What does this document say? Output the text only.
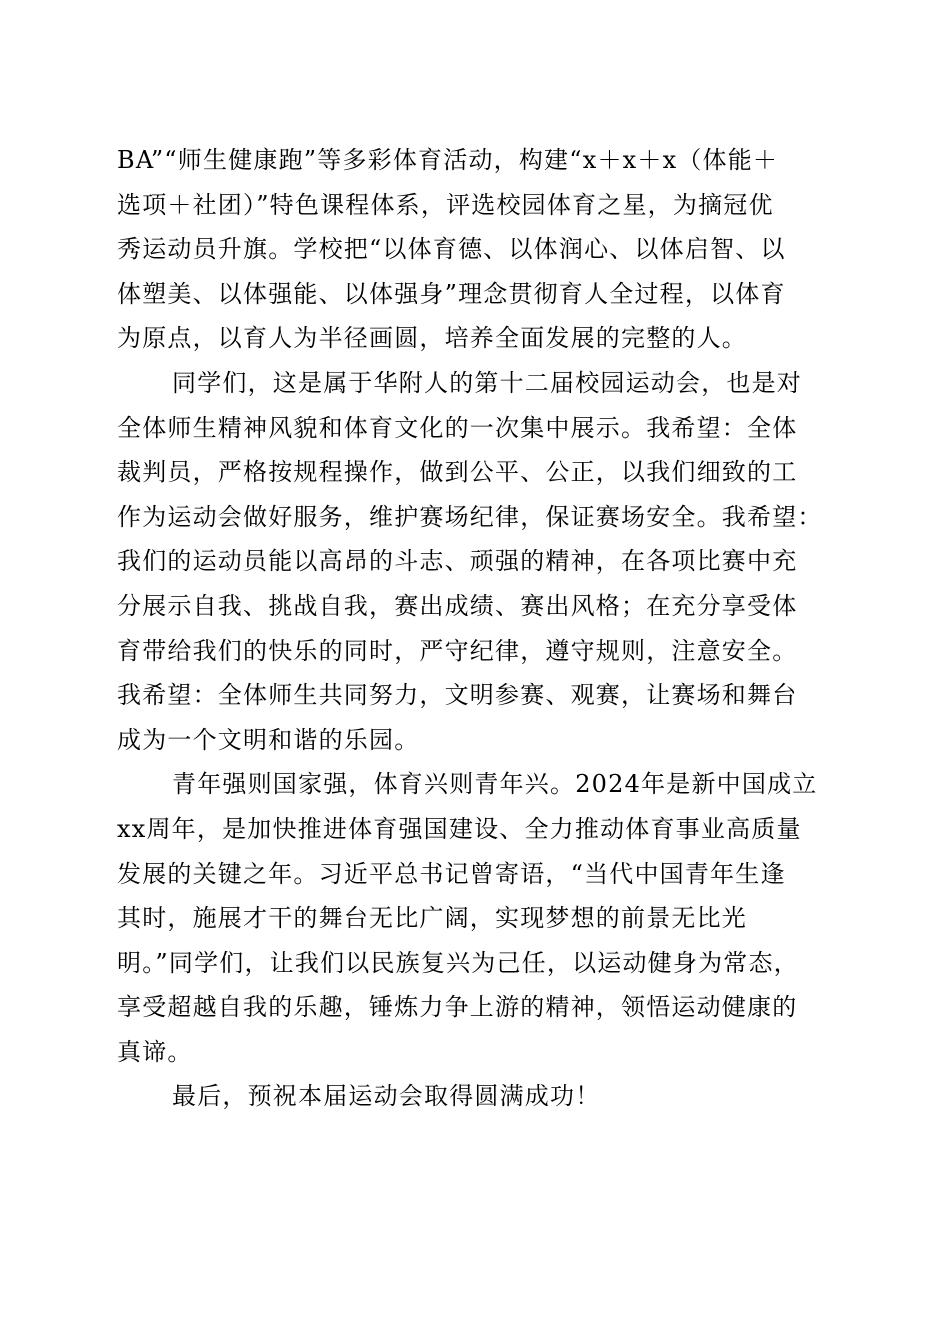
BA”“师生健康跑”等多彩体育活动，构建“x＋x＋x（体能＋
选项＋社团）”特色课程体系，评选校园体育之星，为摘冠优
秀运动员升旗。学校把“以体育德、以体润心、以体启智、以
体塑美、以体强能、以体强身”理念贯彻育人全过程，以体育
为原点，以育人为半径画圆，培养全面发展的完整的人。
同学们，这是属于华附人的第十二届校园运动会，也是对
全体师生精神风貌和体育文化的一次集中展示。我希望：全体
裁判员，严格按规程操作，做到公平、公正，以我们细致的工
作为运动会做好服务，维护赛场纪律，保证赛场安全。我希望：
我们的运动员能以高昂的斗志、顽强的精神，在各项比赛中充
分展示自我、挑战自我，赛出成绩、赛出风格；在充分享受体
育带给我们的快乐的同时，严守纪律，遵守规则，注意安全。
我希望：全体师生共同努力，文明参赛、观赛，让赛场和舞台
成为一个文明和谐的乐园。
青年强则国家强，体育兴则青年兴。2024年是新中国成立
xx周年，是加快推进体育强国建设、全力推动体育事业高质量
发展的关键之年。习近平总书记曾寄语，“当代中国青年生逢
其时，施展才干的舞台无比广阔，实现梦想的前景无比光
明。”同学们，让我们以民族复兴为己任，以运动健身为常态，
享受超越自我的乐趣，锤炼力争上游的精神，领悟运动健康的
真谛。
最后，预祝本届运动会取得圆满成功！
